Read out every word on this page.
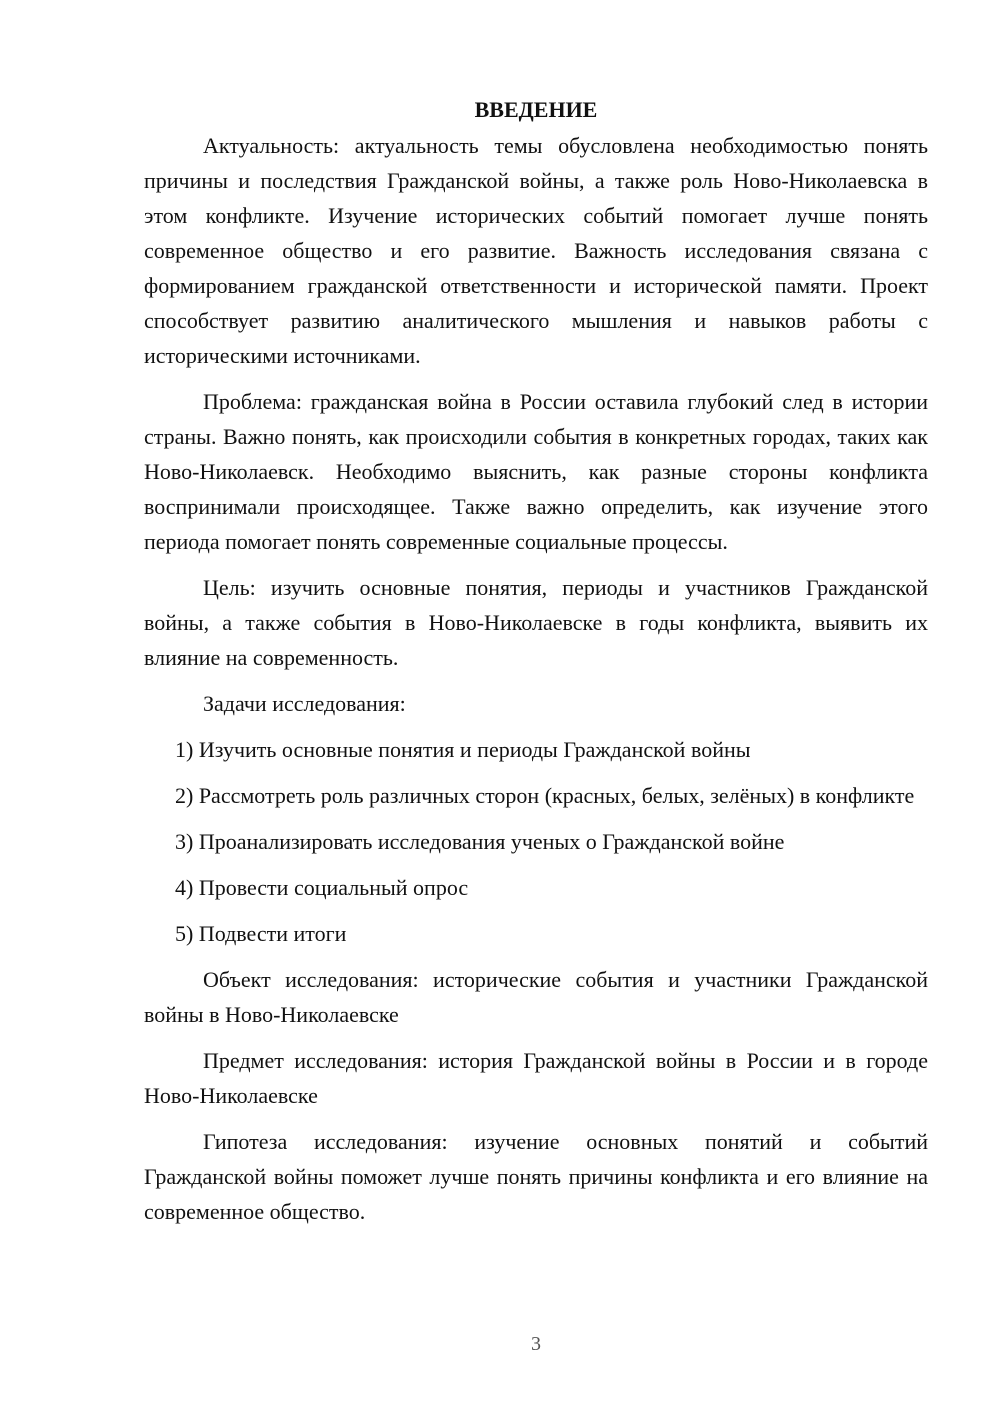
ВВЕДЕНИЕ

Актуальность: актуальность темы обусловлена необходимостью понять причины и последствия Гражданской войны, а также роль Ново-Николаевска в этом конфликте. Изучение исторических событий помогает лучше понять современное общество и его развитие. Важность исследования связана с формированием гражданской ответственности и исторической памяти. Проект способствует развитию аналитического мышления и навыков работы с историческими источниками.

Проблема: гражданская война в России оставила глубокий след в истории страны. Важно понять, как происходили события в конкретных городах, таких как Ново-Николаевск. Необходимо выяснить, как разные стороны конфликта воспринимали происходящее. Также важно определить, как изучение этого периода помогает понять современные социальные процессы.

Цель: изучить основные понятия, периоды и участников Гражданской войны, а также события в Ново-Николаевске в годы конфликта, выявить их влияние на современность.

Задачи исследования:

1) Изучить основные понятия и периоды Гражданской войны

2) Рассмотреть роль различных сторон (красных, белых, зелёных) в конфликте

3) Проанализировать исследования ученых о Гражданской войне

4) Провести социальный опрос

5) Подвести итоги

Объект исследования: исторические события и участники Гражданской войны в Ново-Николаевске

Предмет исследования: история Гражданской войны в России и в городе Ново-Николаевске

Гипотеза исследования: изучение основных понятий и событий Гражданской войны поможет лучше понять причины конфликта и его влияние на современное общество.

3
